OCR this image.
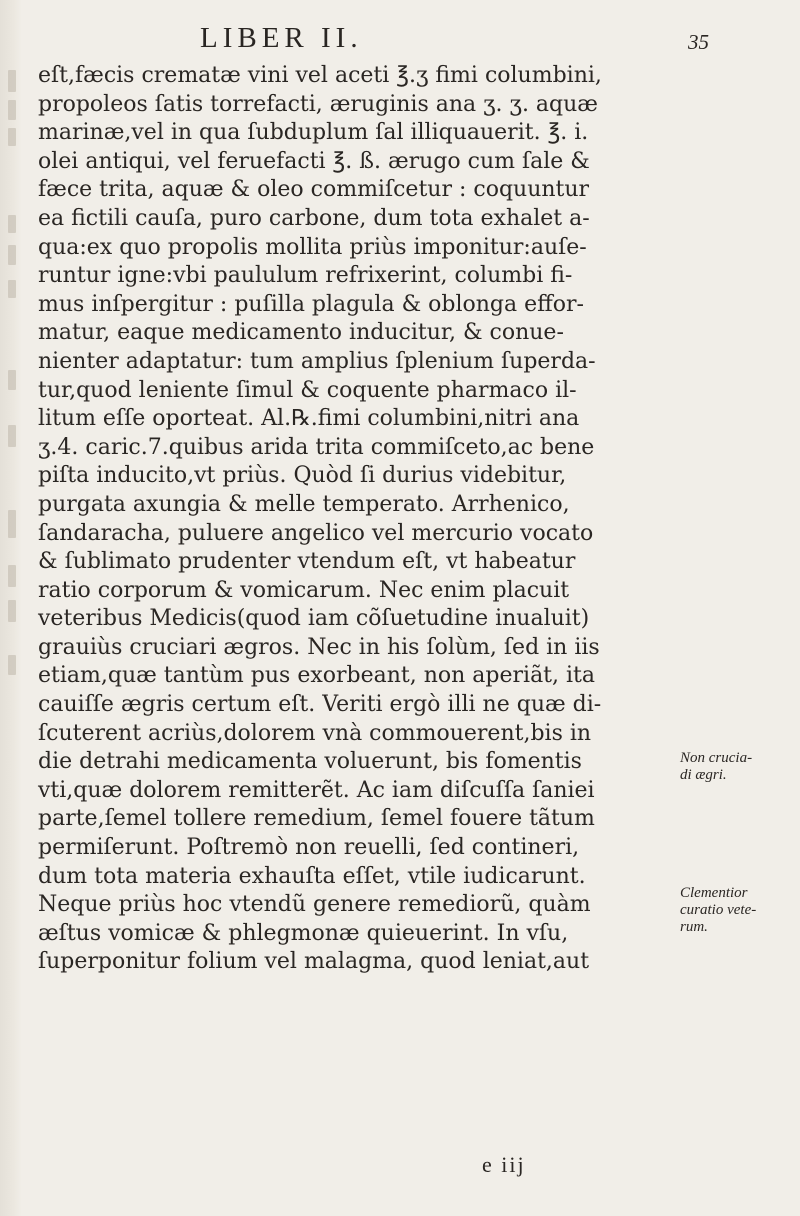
LIBER II.	35
eſt,fæcis crematæ vini vel aceti ℥.ʒ fimi columbini,
propoleos ſatis torrefacti, æruginis ana ʒ. ʒ. aquæ
marinæ,vel in qua ſubduplum ſal illiquauerit. ℥. i.
olei antiqui, vel feruefacti ℥. ß. ærugo cum ſale &
fæce trita, aquæ & oleo commiſcetur : coquuntur
ea fictili cauſa, puro carbone, dum tota exhalet a-
qua:ex quo propolis mollita priùs imponitur:auſe-
runtur igne:vbi paululum refrixerint, columbi fi-
mus inſpergitur : puſilla plagula & oblonga effor-
matur, eaque medicamento inducitur, & conue-
nienter adaptatur: tum amplius ſplenium ſuperda-
tur,quod leniente ſimul & coquente pharmaco il-
litum eſſe oporteat. Al.℞.fimi columbini,nitri ana
ʒ.4. caric.7.quibus arida trita commiſceto,ac bene
piſta inducito,vt priùs. Quòd ſi durius videbitur,
purgata axungia & melle temperato. Arrhenico,
ſandaracha, puluere angelico vel mercurio vocato
& ſublimato prudenter vtendum eſt, vt habeatur
ratio corporum & vomicarum. Nec enim placuit
veteribus Medicis(quod iam cõſuetudine inualuit)
grauiùs cruciari ægros. Nec in his ſolùm, ſed in iis
etiam,quæ tantùm pus exorbeant, non aperiãt, ita
cauiſſe ægris certum eſt. Veriti ergò illi ne quæ di-
ſcuterent acriùs,dolorem vnà commouerent,bis in
die detrahi medicamenta voluerunt, bis fomentis
vti,quæ dolorem remitterẽt. Ac iam diſcuſſa ſaniei
parte,ſemel tollere remedium, ſemel fouere tãtum
permiſerunt. Poſtremò non reuelli, ſed contineri,
dum tota materia exhauſta eſſet, vtile iudicarunt.
Neque priùs hoc vtendũ genere remediorũ, quàm
æſtus vomicæ & phlegmonæ quieuerint. In vſu,
ſuperponitur folium vel malagma, quod leniat,aut
Non crucia-
di ægri.
Clementior
curatio vete-
rum.
e iij
